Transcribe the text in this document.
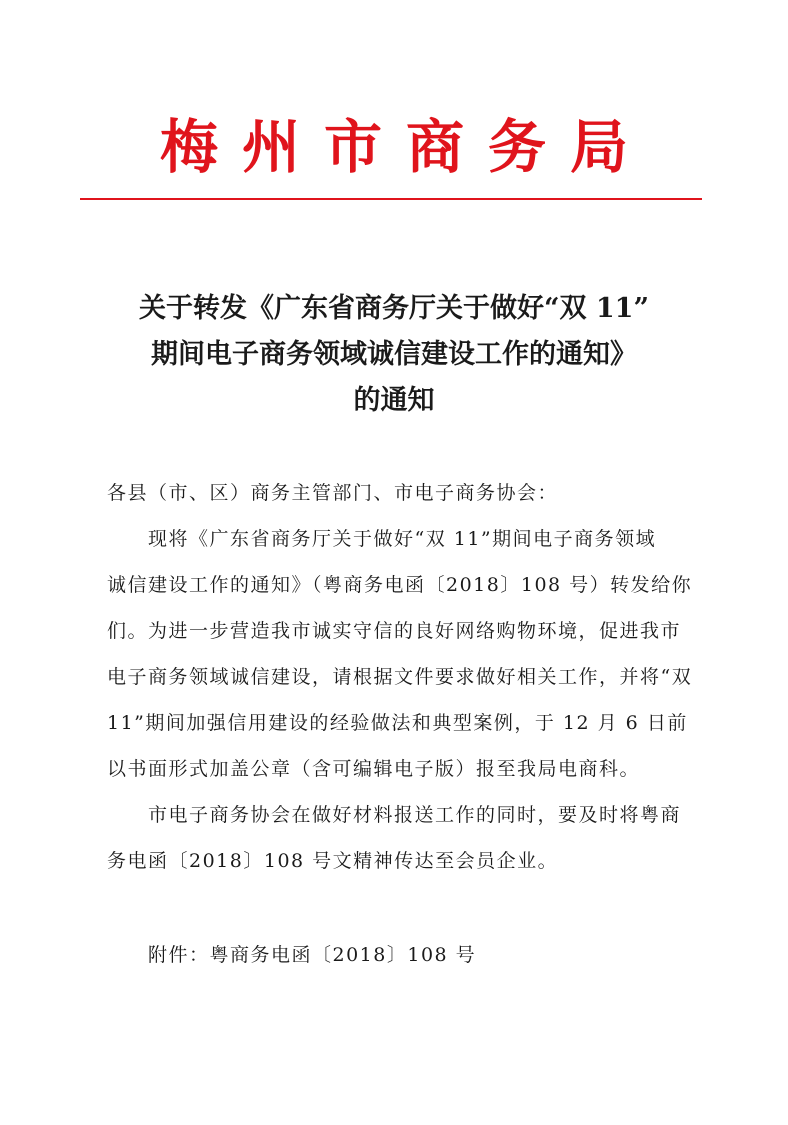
梅州市商务局
关于转发《广东省商务厅关于做好“双 11”
期间电子商务领域诚信建设工作的通知》
的通知
各县（市、区）商务主管部门、市电子商务协会：
现将《广东省商务厅关于做好“双 11”期间电子商务领域
诚信建设工作的通知》（粤商务电函〔2018〕108 号）转发给你
们。为进一步营造我市诚实守信的良好网络购物环境，促进我市
电子商务领域诚信建设，请根据文件要求做好相关工作，并将“双
11”期间加强信用建设的经验做法和典型案例，于 12 月 6 日前
以书面形式加盖公章（含可编辑电子版）报至我局电商科。
市电子商务协会在做好材料报送工作的同时，要及时将粤商
务电函〔2018〕108 号文精神传达至会员企业。
附件：粤商务电函〔2018〕108 号
